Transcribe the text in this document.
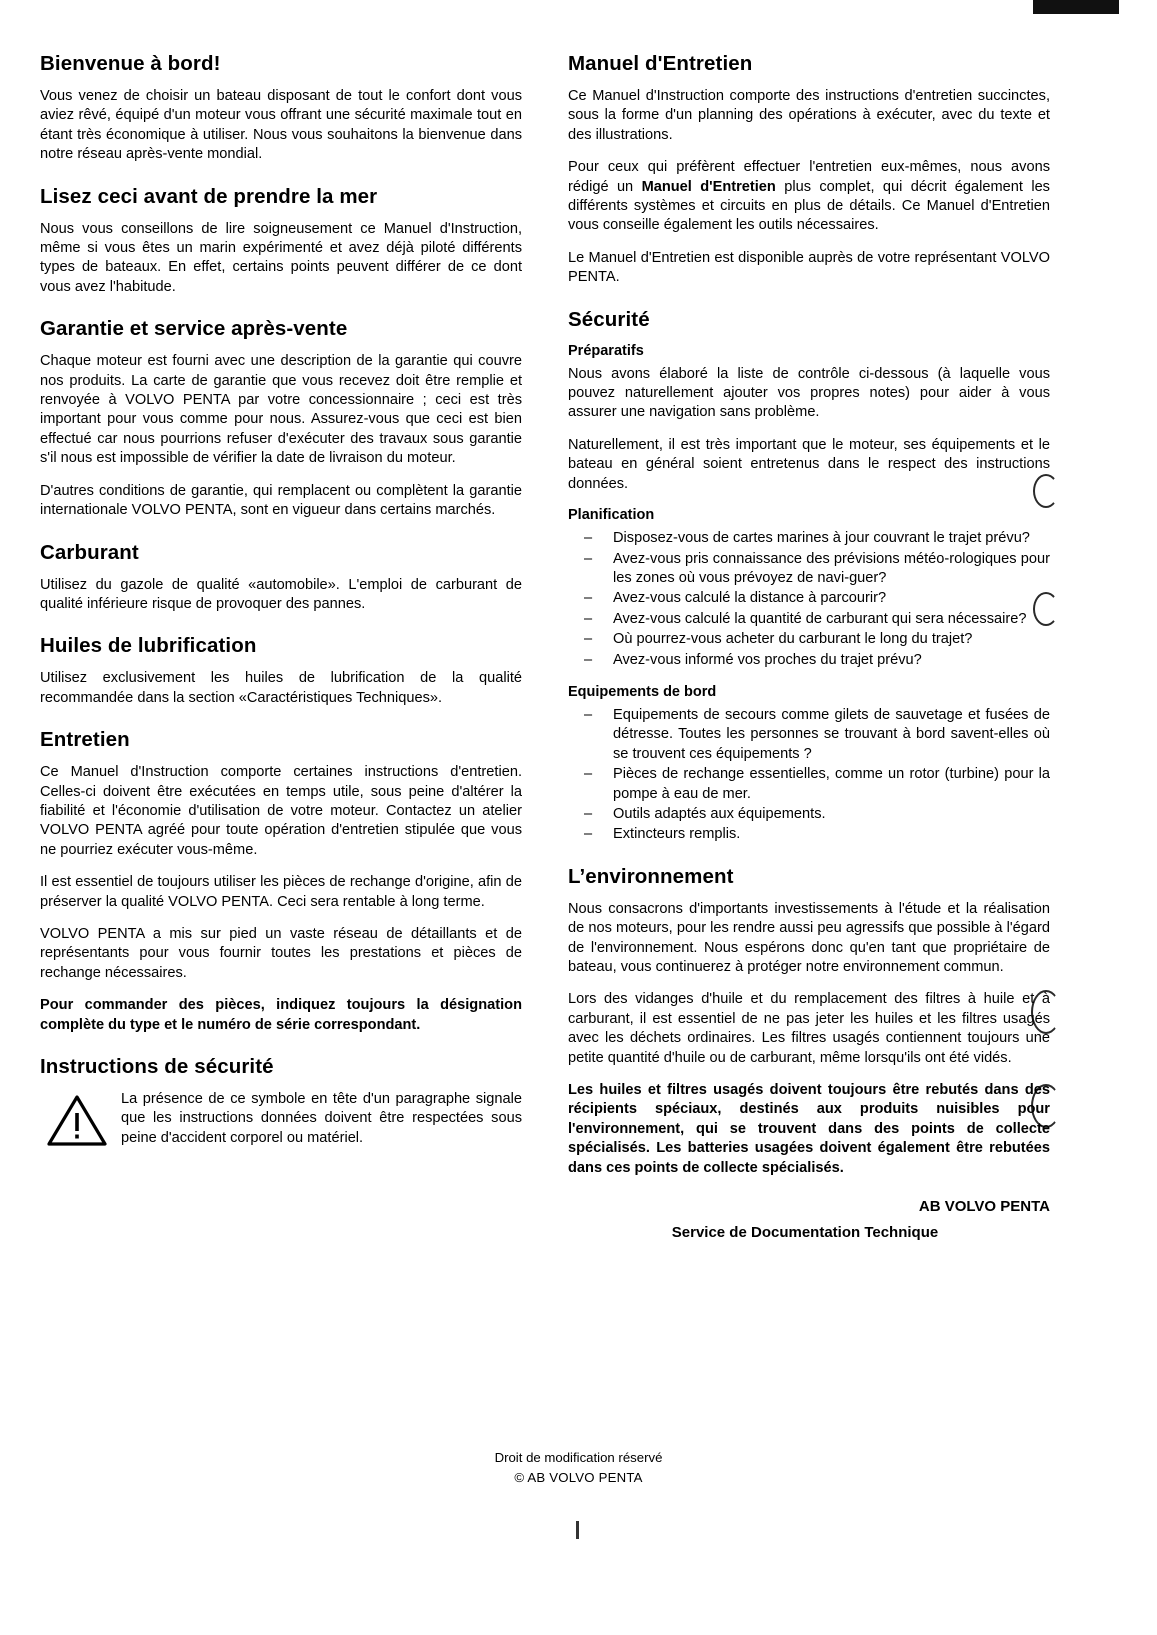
Bienvenue à bord!

Vous venez de choisir un bateau disposant de tout le confort dont vous aviez rêvé, équipé d'un moteur vous offrant une sécurité maximale tout en étant très économique à utiliser. Nous vous souhaitons la bienvenue dans notre réseau après-vente mondial.

Lisez ceci avant de prendre la mer

Nous vous conseillons de lire soigneusement ce Manuel d'Instruction, même si vous êtes un marin expérimenté et avez déjà piloté différents types de bateaux. En effet, certains points peuvent différer de ce dont vous avez l'habitude.

Garantie et service après-vente

Chaque moteur est fourni avec une description de la garantie qui couvre nos produits. La carte de garantie que vous recevez doit être remplie et renvoyée à VOLVO PENTA par votre concessionnaire ; ceci est très important pour vous comme pour nous. Assurez-vous que ceci est bien effectué car nous pourrions refuser d'exécuter des travaux sous garantie s'il nous est impossible de vérifier la date de livraison du moteur.

D'autres conditions de garantie, qui remplacent ou complètent la garantie internationale VOLVO PENTA, sont en vigueur dans certains marchés.

Carburant

Utilisez du gazole de qualité «automobile». L'emploi de carburant de qualité inférieure risque de provoquer des pannes.

Huiles de lubrification

Utilisez exclusivement les huiles de lubrification de la qualité recommandée dans la section «Caractéristiques Techniques».

Entretien

Ce Manuel d'Instruction comporte certaines instructions d'entretien. Celles-ci doivent être exécutées en temps utile, sous peine d'altérer la fiabilité et l'économie d'utilisation de votre moteur. Contactez un atelier VOLVO PENTA agréé pour toute opération d'entretien stipulée que vous ne pourriez exécuter vous-même.

Il est essentiel de toujours utiliser les pièces de rechange d'origine, afin de préserver la qualité VOLVO PENTA. Ceci sera rentable à long terme.

VOLVO PENTA a mis sur pied un vaste réseau de détaillants et de représentants pour vous fournir toutes les prestations et pièces de rechange nécessaires.

Pour commander des pièces, indiquez toujours la désignation complète du type et le numéro de série correspondant.

Instructions de sécurité

La présence de ce symbole en tête d'un paragraphe signale que les instructions données doivent être respectées sous peine d'accident corporel ou matériel.

Manuel d'Entretien

Ce Manuel d'Instruction comporte des instructions d'entretien succinctes, sous la forme d'un planning des opérations à exécuter, avec du texte et des illustrations.

Pour ceux qui préfèrent effectuer l'entretien eux-mêmes, nous avons rédigé un Manuel d'Entretien plus complet, qui décrit également les différents systèmes et circuits en plus de détails. Ce Manuel d'Entretien vous conseille également les outils nécessaires.

Le Manuel d'Entretien est disponible auprès de votre représentant VOLVO PENTA.

Sécurité
Préparatifs

Nous avons élaboré la liste de contrôle ci-dessous (à laquelle vous pouvez naturellement ajouter vos propres notes) pour aider à vous assurer une navigation sans problème.

Naturellement, il est très important que le moteur, ses équipements et le bateau en général soient entretenus dans le respect des instructions données.

Planification
– Disposez-vous de cartes marines à jour couvrant le trajet prévu?
– Avez-vous pris connaissance des prévisions météo-rologiques pour les zones où vous prévoyez de navi-guer?
– Avez-vous calculé la distance à parcourir?
– Avez-vous calculé la quantité de carburant qui sera nécessaire?
– Où pourrez-vous acheter du carburant le long du trajet?
– Avez-vous informé vos proches du trajet prévu?
Equipements de bord
– Equipements de secours comme gilets de sauvetage et fusées de détresse. Toutes les personnes se trouvant à bord savent-elles où se trouvent ces équipements ?
– Pièces de rechange essentielles, comme un rotor (turbine) pour la pompe à eau de mer.
– Outils adaptés aux équipements.
– Extincteurs remplis.
L’environnement

Nous consacrons d'importants investissements à l'étude et la réalisation de nos moteurs, pour les rendre aussi peu agressifs que possible à l'égard de l'environnement. Nous espérons donc qu'en tant que propriétaire de bateau, vous continuerez à protéger notre environnement commun.

Lors des vidanges d'huile et du remplacement des filtres à huile et à carburant, il est essentiel de ne pas jeter les huiles et les filtres usagés avec les déchets ordinaires. Les filtres usagés contiennent toujours une petite quantité d'huile ou de carburant, même lorsqu'ils ont été vidés.

Les huiles et filtres usagés doivent toujours être rebutés dans des récipients spéciaux, destinés aux produits nuisibles pour l'environnement, qui se trouvent dans des points de collecte spécialisés. Les batteries usagées doivent également être rebutées dans ces points de collecte spécialisés.

AB VOLVO PENTA
Service de Documentation Technique
Droit de modification réservé
© AB VOLVO PENTA
